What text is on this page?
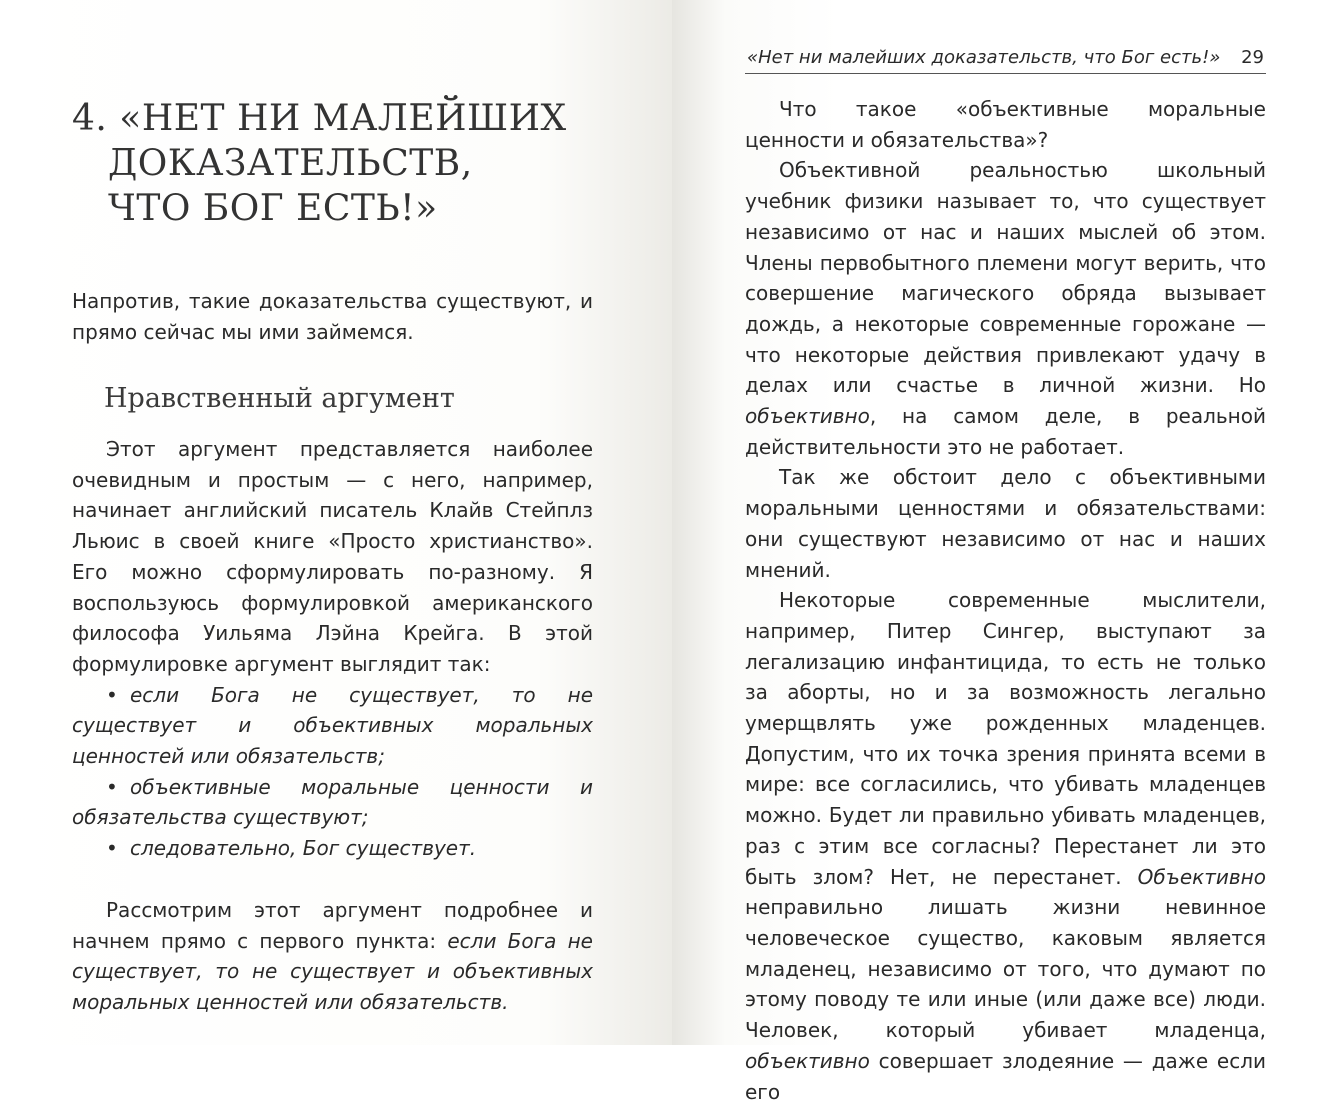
4. «НЕТ НИ МАЛЕЙШИХ
ДОКАЗАТЕЛЬСТВ,
ЧТО БОГ ЕСТЬ!»

Напротив, такие доказательства существуют, и прямо сейчас мы ими займемся.

Нравственный аргумент

Этот аргумент представляется наиболее очевидным и простым — с него, например, начинает английский писатель Клайв Стейплз Льюис в своей книге «Просто христианство». Его можно сформулировать по-разному. Я воспользуюсь формулировкой американского философа Уильяма Лэйна Крейга. В этой формулировке аргумент выглядит так:

• если Бога не существует, то не существует и объективных моральных ценностей или обязательств;
• объективные моральные ценности и обязательства существуют;
• следовательно, Бог существует.

Рассмотрим этот аргумент подробнее и начнем прямо с первого пункта: если Бога не существует, то не существует и объективных моральных ценностей или обязательств.

«Нет ни малейших доказательств, что Бог есть!» 29

Что такое «объективные моральные ценности и обязательства»?

Объективной реальностью школьный учебник физики называет то, что существует независимо от нас и наших мыслей об этом. Члены первобытного племени могут верить, что совершение магического обряда вызывает дождь, а некоторые современные горожане — что некоторые действия привлекают удачу в делах или счастье в личной жизни. Но объективно, на самом деле, в реальной действительности это не работает.

Так же обстоит дело с объективными моральными ценностями и обязательствами: они существуют независимо от нас и наших мнений.

Некоторые современные мыслители, например, Питер Сингер, выступают за легализацию инфантицида, то есть не только за аборты, но и за возможность легально умерщвлять уже рожденных младенцев. Допустим, что их точка зрения принята всеми в мире: все согласились, что убивать младенцев можно. Будет ли правильно убивать младенцев, раз с этим все согласны? Перестанет ли это быть злом? Нет, не перестанет. Объективно неправильно лишать жизни невинное человеческое существо, каковым является младенец, независимо от того, что думают по этому поводу те или иные (или даже все) люди. Человек, который убивает младенца, объективно совершает злодеяние — даже если его
